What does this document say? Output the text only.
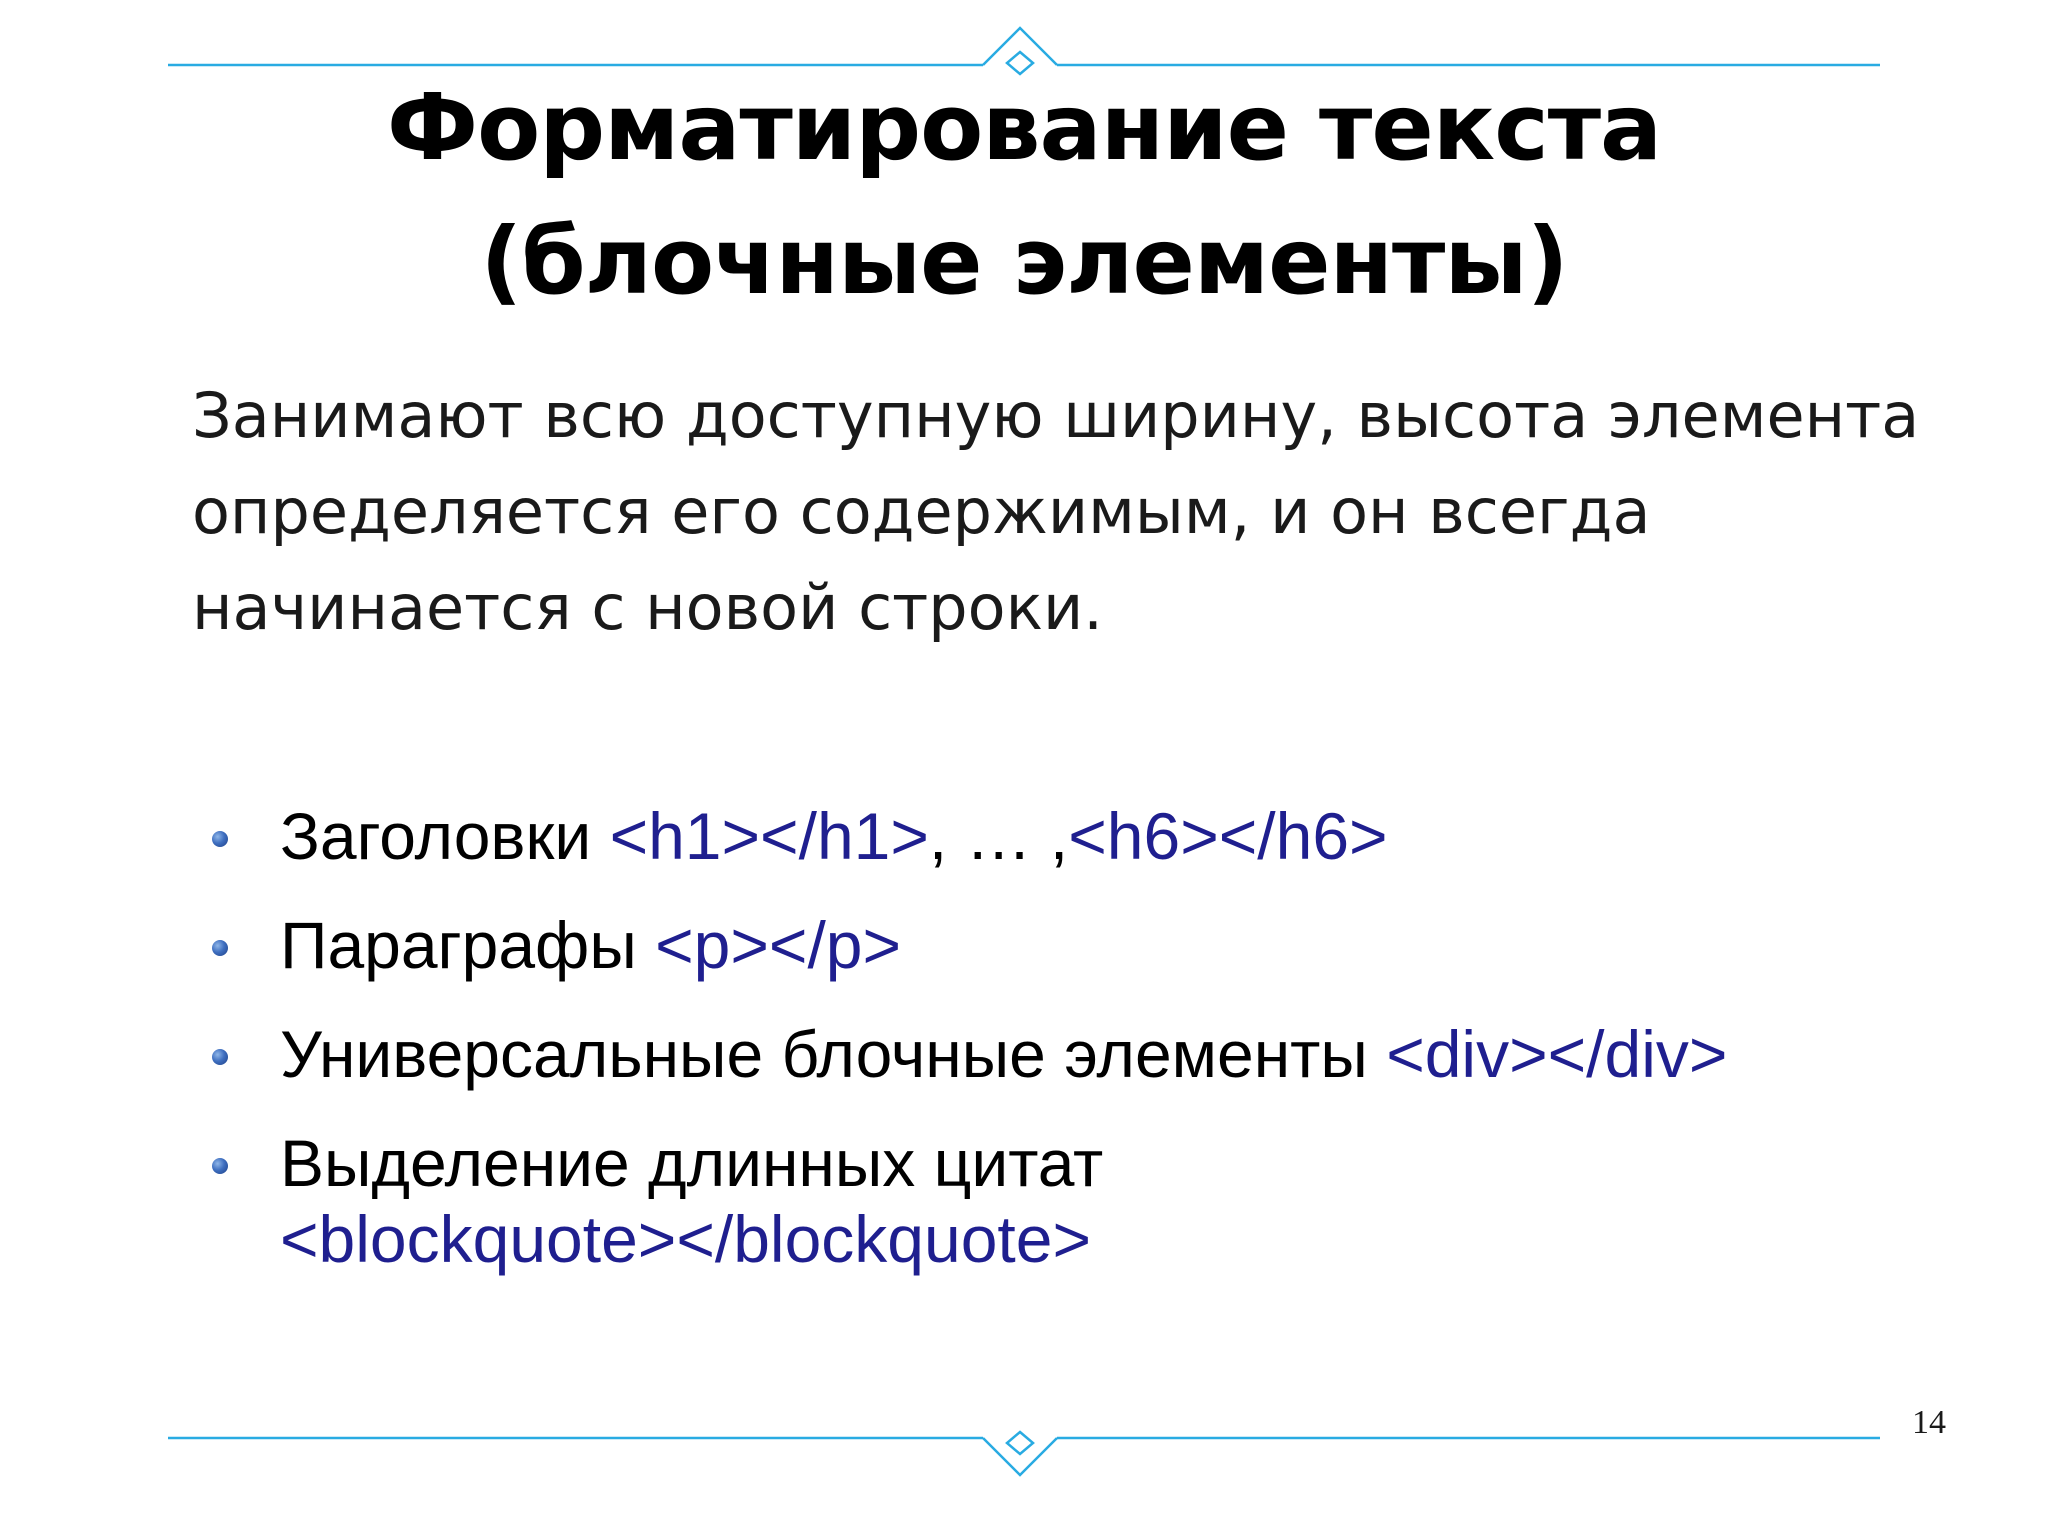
Форматирование текста
(блочные элементы)

Занимают всю доступную ширину, высота элемента
определяется его содержимым, и он всегда
начинается с новой строки.

Заголовки <h1></h1>, … ,<h6></h6>
Параграфы <p></p>
Универсальные блочные элементы <div></div>
Выделение длинных цитат
<blockquote></blockquote>
14
